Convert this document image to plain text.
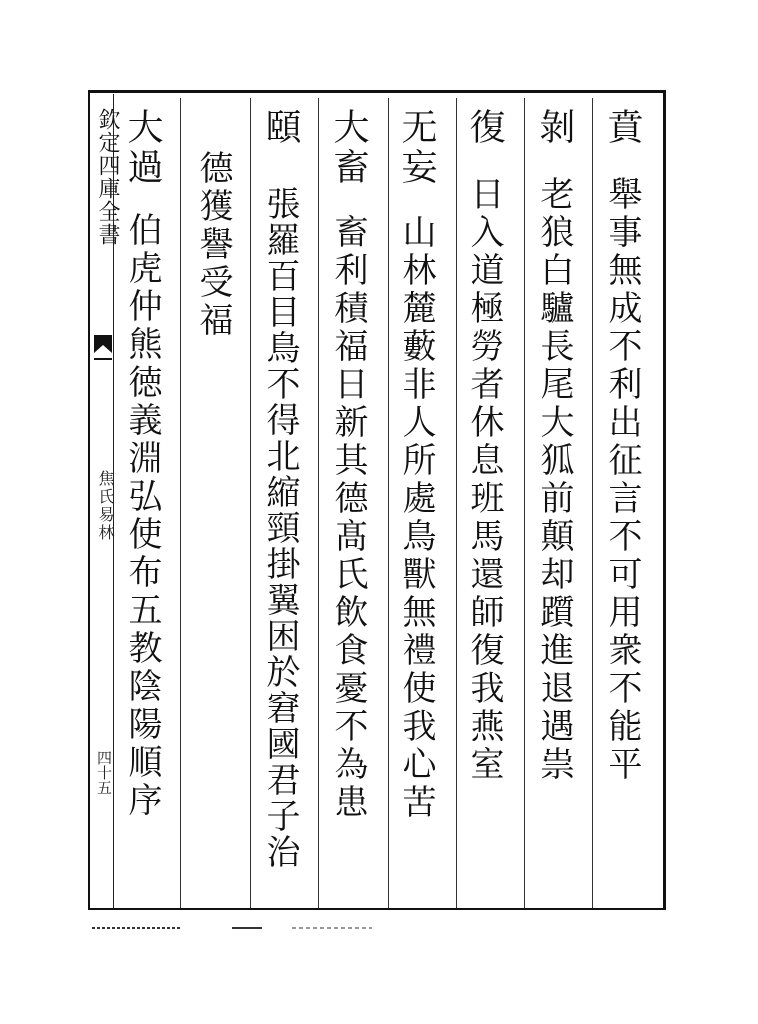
欽定四庫全書
焦氏易林
四十五
賁舉事無成不利出征言不可用衆不能平
剝老狼白驢長尾大狐前顛却躓進退遇祟
復日入道極勞者休息班馬還師復我燕室
无妄山林麓藪非人所處鳥獸無禮使我心苦
大畜畜利積福日新其德髙氏飲食憂不為患
頤張羅百目鳥不得北縮頸掛翼困於窘國君子治
德獲譽受福
大過伯虎仲熊徳義淵弘使布五教陰陽順序
